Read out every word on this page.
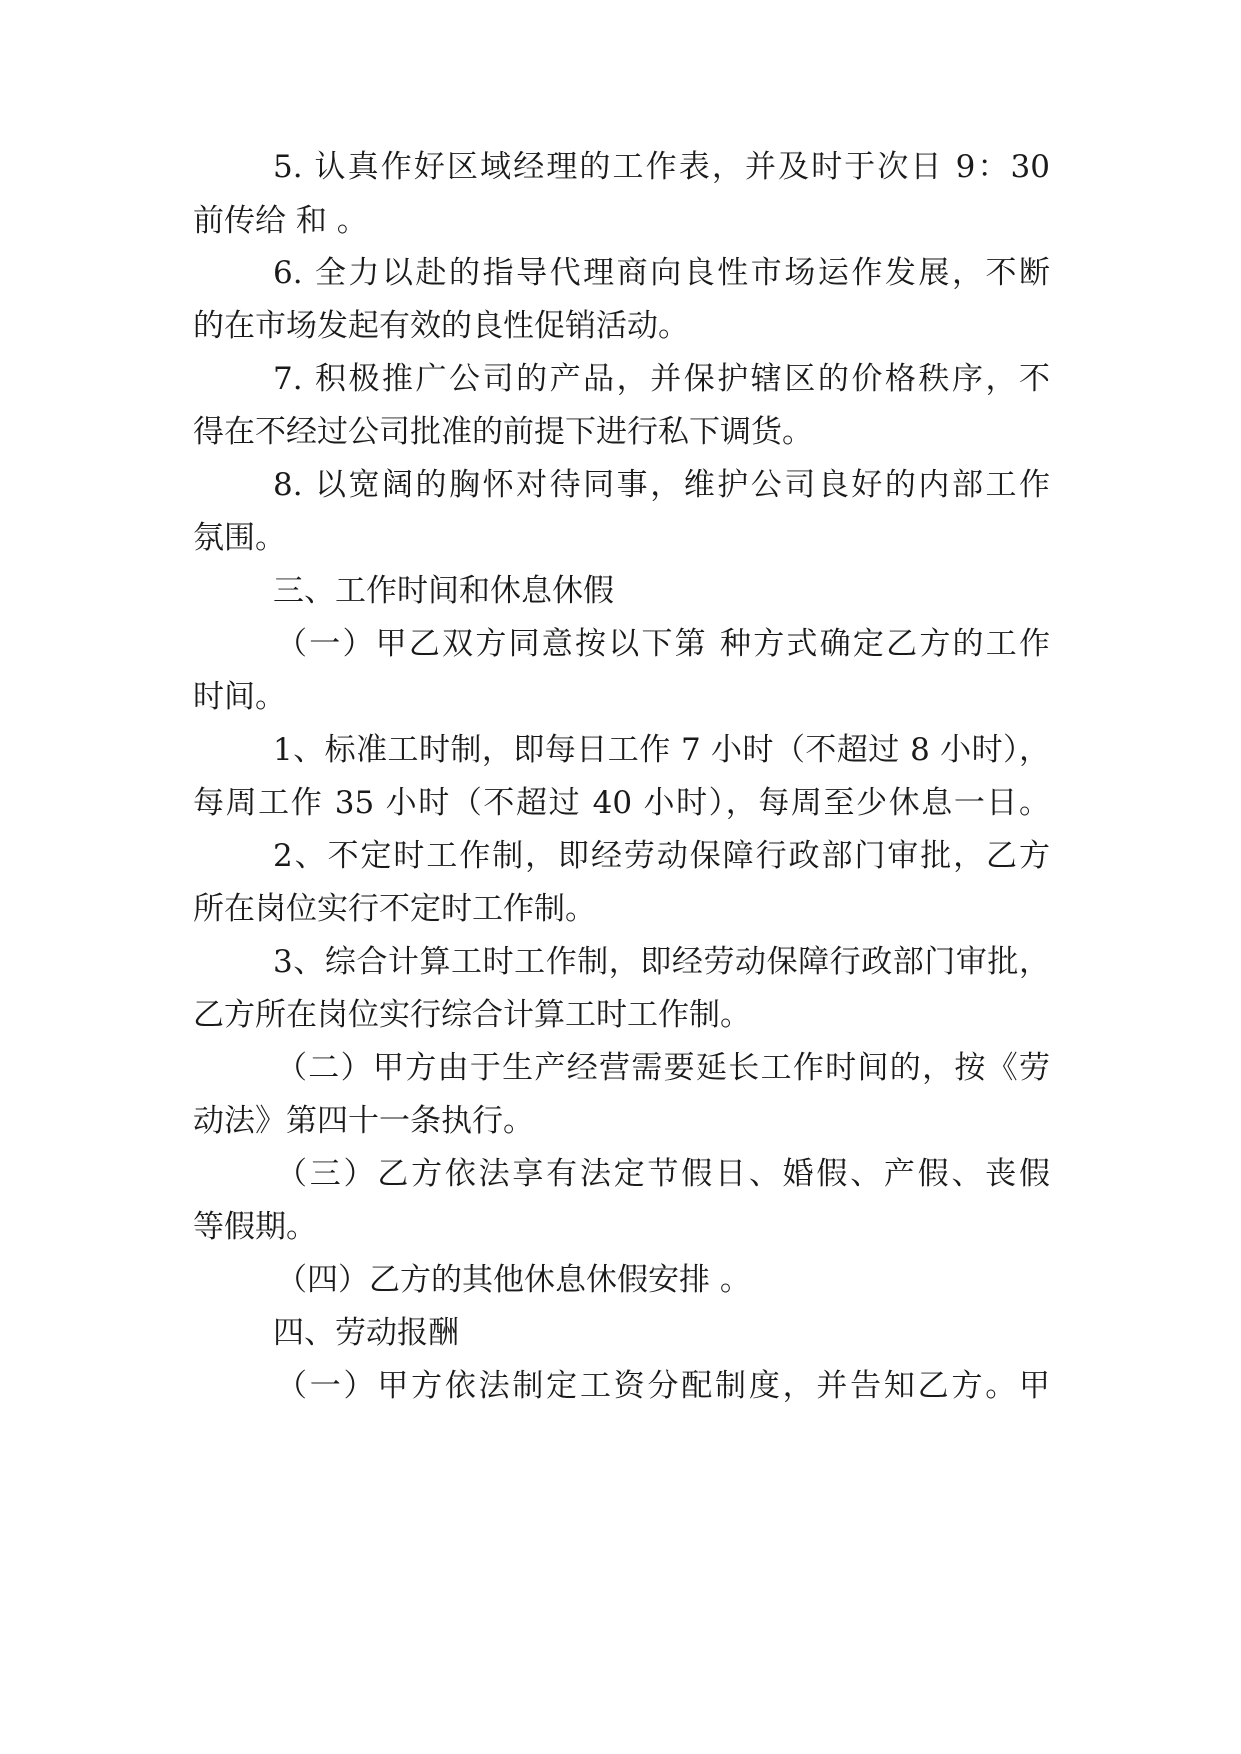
5. 认真作好区域经理的工作表，并及时于次日 9：30
前传给 和 。
6. 全力以赴的指导代理商向良性市场运作发展，不断
的在市场发起有效的良性促销活动。
7. 积极推广公司的产品，并保护辖区的价格秩序，不
得在不经过公司批准的前提下进行私下调货。
8. 以宽阔的胸怀对待同事，维护公司良好的内部工作
氛围。
三、工作时间和休息休假
（一）甲乙双方同意按以下第 种方式确定乙方的工作
时间。
1、标准工时制，即每日工作 7 小时（不超过 8 小时），
每周工作 35 小时（不超过 40 小时），每周至少休息一日。
2、不定时工作制，即经劳动保障行政部门审批，乙方
所在岗位实行不定时工作制。
3、综合计算工时工作制，即经劳动保障行政部门审批，
乙方所在岗位实行综合计算工时工作制。
（二）甲方由于生产经营需要延长工作时间的，按《劳
动法》第四十一条执行。
（三）乙方依法享有法定节假日、婚假、产假、丧假
等假期。
（四）乙方的其他休息休假安排 。
四、劳动报酬
（一）甲方依法制定工资分配制度，并告知乙方。甲
